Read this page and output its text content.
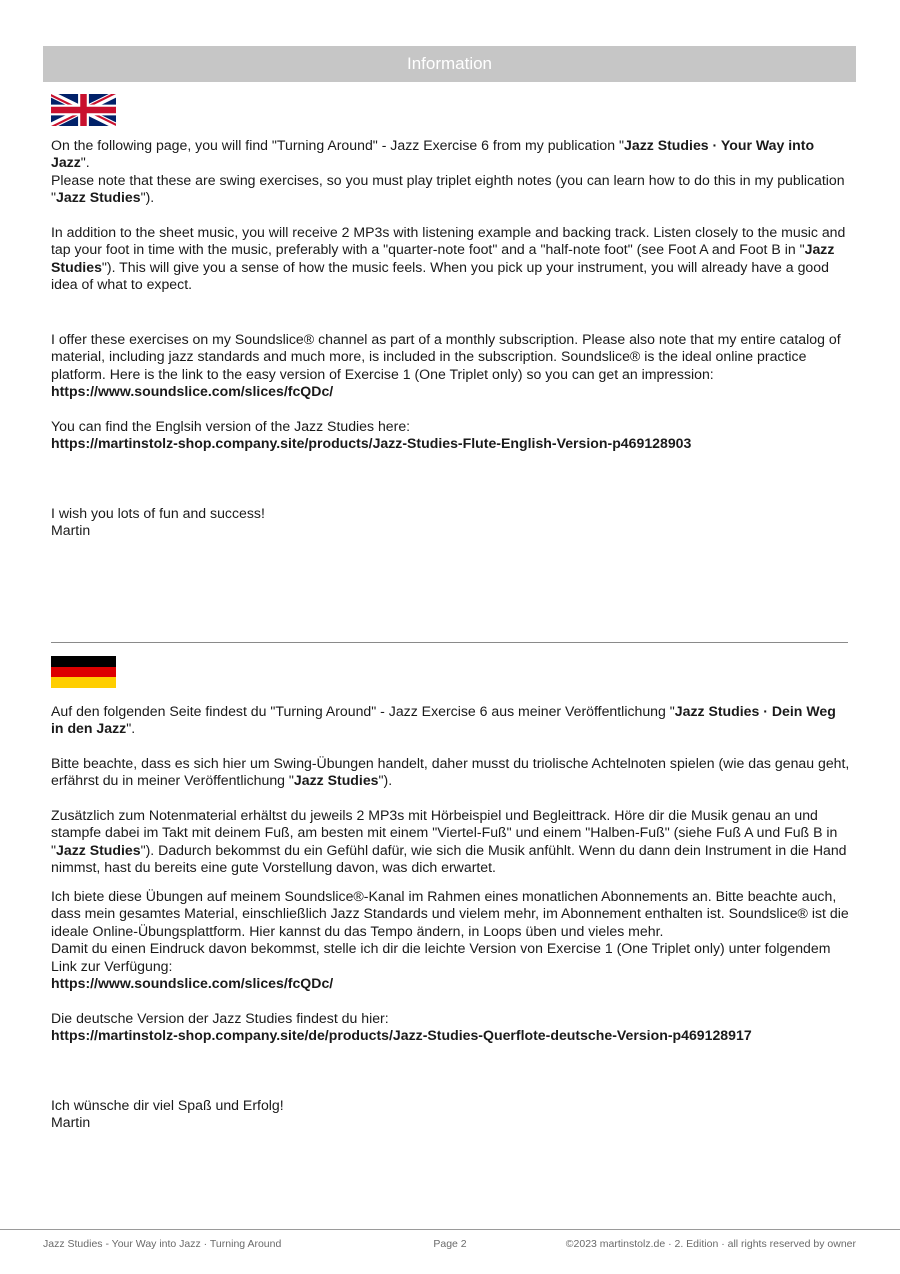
Information
On the following page, you will find "Turning Around" - Jazz Exercise 6 from my publication "Jazz Studies · Your Way into Jazz".
Please note that these are swing exercises, so you must play triplet eighth notes (you can learn how to do this in my publication "Jazz Studies").
In addition to the sheet music, you will receive 2 MP3s with listening example and backing track. Listen closely to the music and tap your foot in time with the music, preferably with a "quarter-note foot" and a "half-note foot" (see Foot A and Foot B in "Jazz Studies"). This will give you a sense of how the music feels. When you pick up your instrument, you will already have a good idea of what to expect.
I offer these exercises on my Soundslice® channel as part of a monthly subscription. Please also note that my entire catalog of material, including jazz standards and much more, is included in the subscription. Soundslice® is the ideal online practice platform. Here is the link to the easy version of Exercise 1 (One Triplet only) so you can get an impression:
https://www.soundslice.com/slices/fcQDc/
You can find the Englsih version of the Jazz Studies here:
https://martinstolz-shop.company.site/products/Jazz-Studies-Flute-English-Version-p469128903
I wish you lots of fun and success!
Martin
Auf den folgenden Seite findest du "Turning Around" - Jazz Exercise 6 aus meiner Veröffentlichung "Jazz Studies · Dein Weg in den Jazz".
Bitte beachte, dass es sich hier um Swing-Übungen handelt, daher musst du triolische Achtelnoten spielen (wie das genau geht, erfährst du in meiner Veröffentlichung "Jazz Studies").
Zusätzlich zum Notenmaterial erhältst du jeweils 2 MP3s mit Hörbeispiel und Begleittrack. Höre dir die Musik genau an und stampfe dabei im Takt mit deinem Fuß, am besten mit einem "Viertel-Fuß" und einem "Halben-Fuß" (siehe Fuß A und Fuß B in "Jazz Studies"). Dadurch bekommst du ein Gefühl dafür, wie sich die Musik anfühlt. Wenn du dann dein Instrument in die Hand nimmst, hast du bereits eine gute Vorstellung davon, was dich erwartet.
Ich biete diese Übungen auf meinem Soundslice®-Kanal im Rahmen eines monatlichen Abonnements an. Bitte beachte auch, dass mein gesamtes Material, einschließlich Jazz Standards und vielem mehr, im Abonnement enthalten ist. Soundslice® ist die ideale Online-Übungsplattform. Hier kannst du das Tempo ändern, in Loops üben und vieles mehr.
Damit du einen Eindruck davon bekommst, stelle ich dir die leichte Version von Exercise 1 (One Triplet only) unter folgendem Link zur Verfügung:
https://www.soundslice.com/slices/fcQDc/
Die deutsche Version der Jazz Studies findest du hier:
https://martinstolz-shop.company.site/de/products/Jazz-Studies-Querflote-deutsche-Version-p469128917
Ich wünsche dir viel Spaß und Erfolg!
Martin
Jazz Studies - Your Way into Jazz · Turning Around	Page 2	©2023 martinstolz.de · 2. Edition · all rights reserved by owner
